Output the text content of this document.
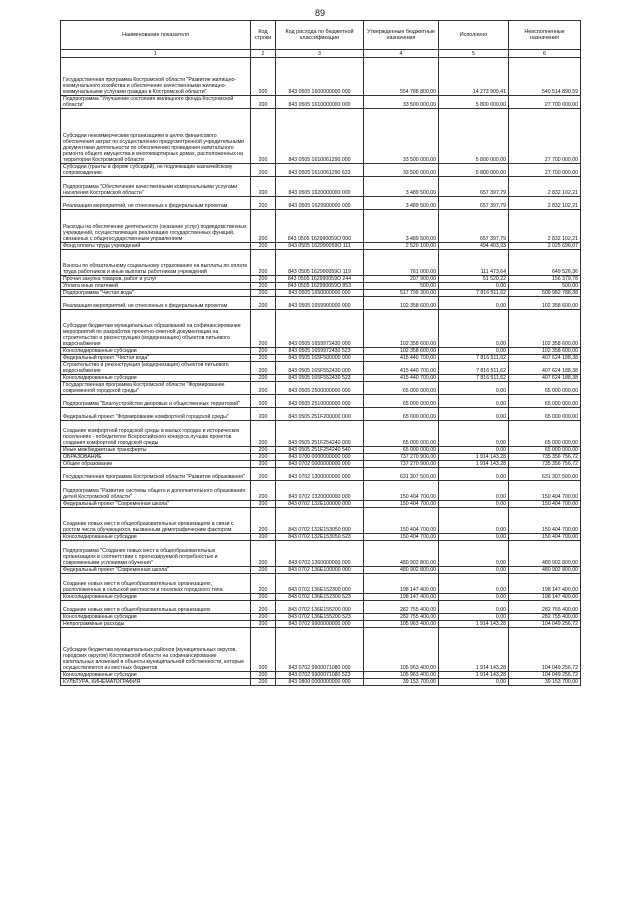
89
Наименование показателя	Код строки	Код расхода по бюджетной классификации	Утвержденные бюджетные назначения	Исполнено	Неисполненные назначения
1	2	3	4	5	6
Государственная программа Костромской области "Развитие жилищно-коммунального хозяйства и обеспечение качественными жилищно-коммунальными услугами граждан в Костромской области"	200	843 0505 1600000000 000	554 788 800,00	14 273 909,41	540 514 890,59
Подпрограмма "Улучшение состояния жилищного фонда Костромской области"	200	843 0505 1610000000 000	33 500 000,00	5 800 000,00	27 700 000,00
Субсидии некоммерческим организациям в целях финансового обеспечения затрат по осуществлению предусмотренной учредительными документами деятельности по обеспечению проведения капитального ремонта общего имущества в многоквартирных домах, расположенных на территории Костромской области	200	843 0505 1610061290 000	33 500 000,00	5 800 000,00	27 700 000,00
Субсидии (гранты в форме субсидий), не подлежащие казначейскому сопровождению	200	843 0505 1610061290 633	33 500 000,00	5 800 000,00	27 700 000,00
Подпрограмма "Обеспечение качественными коммунальными услугами населения Костромской области"	200	843 0505 1620000000 000	3 489 500,00	657 397,79	2 832 102,21
Реализация мероприятий, не отнесенных к федеральным проектам	200	843 0505 1629900000 000	3 489 500,00	657 397,79	2 832 102,21
Расходы на обеспечение деятельности (оказание услуг) подведомственных учреждений, осуществляющих реализацию государственных функций, связанных с общегосударственным управлением	200	843 0505 162990059О 000	3 489 500,00	657 397,79	2 832 102,21
Фонд оплаты труда учреждений	200	843 0505 162990059О 111	2 520 100,00	494 403,93	2 025 696,07
Взносы по обязательному социальному страхованию на выплаты по оплате труда работников и иные выплаты работникам учреждений	200	843 0505 162990059О 119	761 000,00	111 473,64	649 526,36
Прочая закупка товаров, работ и услуг	200	843 0505 162990059О 244	207 900,00	51 520,22	156 379,78
Уплата иных платежей	200	843 0505 162990059О 853	500,00	0,00	500,00
Подпрограмма "Чистая вода"	200	843 0505 1650000000 000	517 799 300,00	7 816 511,62	509 982 788,38
Реализация мероприятий, не отнесенных к федеральным проектам	200	843 0505 1659900000 000	102 358 600,00	0,00	102 358 600,00
Субсидии бюджетам муниципальных образований на софинансирование мероприятий по разработке проектно-сметной документации на строительство и реконструкцию (модернизацию) объектов питьевого водоснабжения	200	843 0505 1659972430 000	102 358 600,00	0,00	102 358 600,00
Консолидированные субсидии	200	843 0505 1659972430 523	102 358 600,00	0,00	102 358 600,00
Федеральный проект "Чистая вода"	200	843 0505 165F500000 000	415 440 700,00	7 816 511,62	407 624 188,38
Строительство и реконструкция (модернизация) объектов питьевого водоснабжения	200	843 0505 165F552430 000	415 440 700,00	7 816 511,62	407 624 188,38
Консолидированные субсидии	200	843 0505 165F552430 523	415 440 700,00	7 816 511,62	407 624 188,38
Государственная программа Костромской области "Формирование современной городской среды"	200	843 0505 2500000000 000	65 000 000,00	0,00	65 000 000,00
Подпрограмма "Благоустройство дворовых и общественных территорий"	200	843 0505 2510000000 000	65 000 000,00	0,00	65 000 000,00
Федеральный проект "Формирование комфортной городской среды"	200	843 0505 251F200000 000	65 000 000,00	0,00	65 000 000,00
Создание комфортной городской среды в малых городах и исторических поселениях - победителях Всероссийского конкурса лучших проектов создания комфортной городской среды	200	843 0505 251F254240 000	65 000 000,00	0,00	65 000 000,00
Иные межбюджетные трансферты	200	843 0505 251F254240 540	65 000 000,00	0,00	65 000 000,00
ОБРАЗОВАНИЕ	200	843 0700 0000000000 000	737 270 900,00	1 914 143,28	735 356 756,72
Общее образование	200	843 0702 0000000000 000	737 270 900,00	1 914 143,28	735 356 756,72
Государственная программа Костромской области "Развитие образования"	200	843 0702 1300000000 000	631 307 500,00	0,00	631 307 500,00
Подпрограмма "Развитие системы общего и дополнительного образования детей Костромской области"	200	843 0702 1320000000 000	150 404 700,00	0,00	150 404 700,00
Федеральный проект "Современная школа"	200	843 0702 132E100000 000	150 404 700,00	0,00	150 404 700,00
Создание новых мест в общеобразовательных организациях в связи с ростом числа обучающихся, вызванным демографическим фактором	200	843 0702 132E153050 000	150 404 700,00	0,00	150 404 700,00
Консолидированные субсидии	200	843 0702 132E153050 523	150 404 700,00	0,00	150 404 700,00
Подпрограмма "Создание новых мест в общеобразовательных организациях в соответствии с прогнозируемой потребностью и современными условиями обучения"	200	843 0702 1360000000 000	480 902 800,00	0,00	480 902 800,00
Федеральный проект "Современная школа"	200	843 0702 136E100000 000	480 902 800,00	0,00	480 902 800,00
Создание новых мест в общеобразовательных организациях, расположенных в сельской местности и поселках городского типа	200	843 0702 136E152300 000	198 147 400,00	0,00	198 147 400,00
Консолидированные субсидии	200	843 0702 136E152300 523	198 147 400,00	0,00	198 147 400,00
Создание новых мест в общеобразовательных организациях	200	843 0702 136E155200 000	282 755 400,00	0,00	282 755 400,00
Консолидированные субсидии	200	843 0702 136E155200 523	282 755 400,00	0,00	282 755 400,00
Непрограммные расходы	200	843 0702 9900000000 000	105 963 400,00	1 914 143,28	104 049 256,72
Субсидии бюджетам муниципальных районов (муниципальных округов, городских округов) Костромской области на софинансирование капитальных вложений в объекты муниципальной собственности, которые осуществляются из местных бюджетов	200	843 0702 9900071080 000	105 963 400,00	1 914 143,28	104 049 256,72
Консолидированные субсидии	200	843 0702 9900071080 523	105 963 400,00	1 914 143,28	104 049 256,72
КУЛЬТУРА, КИНЕМАТОГРАФИЯ	200	843 0800 0000000000 000	39 153 700,00	0,00	39 153 700,00
